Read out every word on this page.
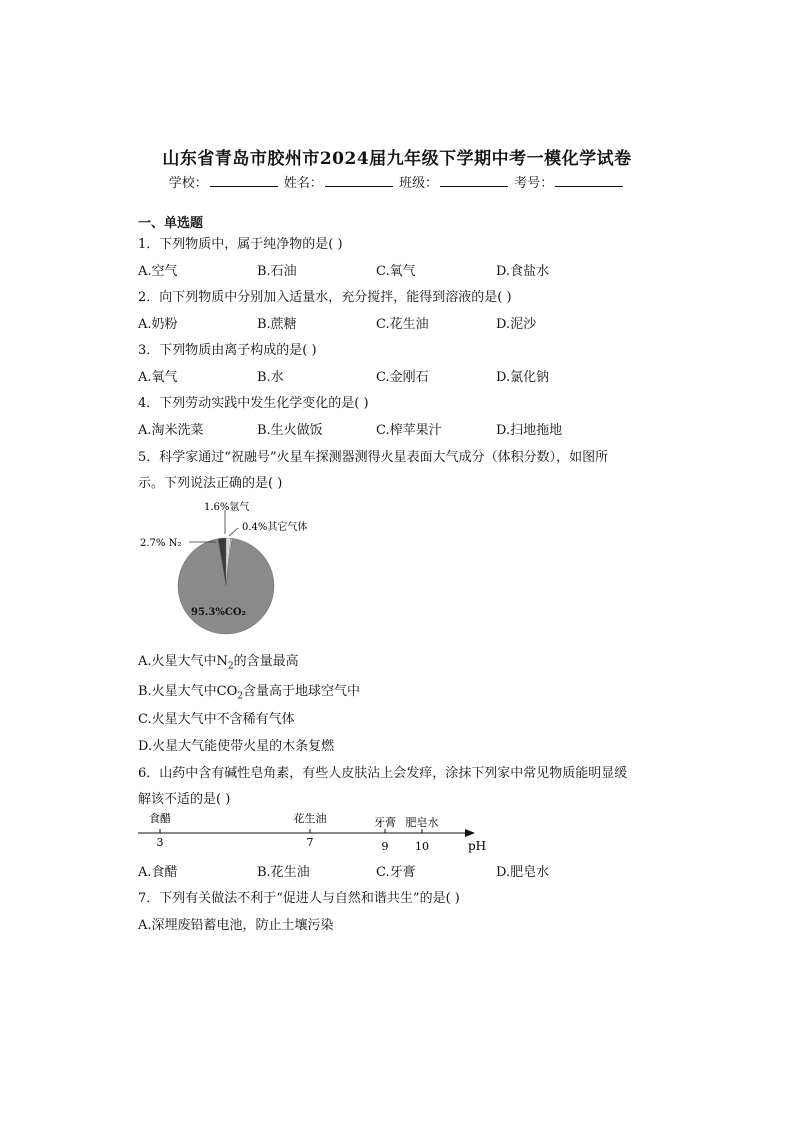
山东省青岛市胶州市2024届九年级下学期中考一模化学试卷
学校：	姓名：	班级：	考号：
一、单选题
1．下列物质中，属于纯净物的是( )
A.空气	B.石油	C.氧气	D.食盐水
2．向下列物质中分别加入适量水，充分搅拌，能得到溶液的是( )
A.奶粉	B.蔗糖	C.花生油	D.泥沙
3．下列物质由离子构成的是( )
A.氧气	B.水	C.金刚石	D.氯化钠
4．下列劳动实践中发生化学变化的是( )
A.淘米洗菜	B.生火做饭	C.榨苹果汁	D.扫地拖地
5．科学家通过“祝融号”火星车探测器测得火星表面大气成分（体积分数），如图所
示。下列说法正确的是( )
2.7% N₂
1.6%氩气
0.4%其它气体
95.3%CO₂
A.火星大气中$N_2$的含量最高
B.火星大气中$CO_2$含量高于地球空气中
C.火星大气中不含稀有气体
D.火星大气能使带火星的木条复燃
6．山药中含有碱性皂角素，有些人皮肤沾上会发痒，涂抹下列家中常见物质能明显缓
解该不适的是( )
食醋	花生油	牙膏 肥皂水
3	7	9 10	pH
A.食醋	B.花生油	C.牙膏	D.肥皂水
7．下列有关做法不利于“促进人与自然和谐共生”的是( )
A.深埋废铅蓄电池，防止土壤污染
